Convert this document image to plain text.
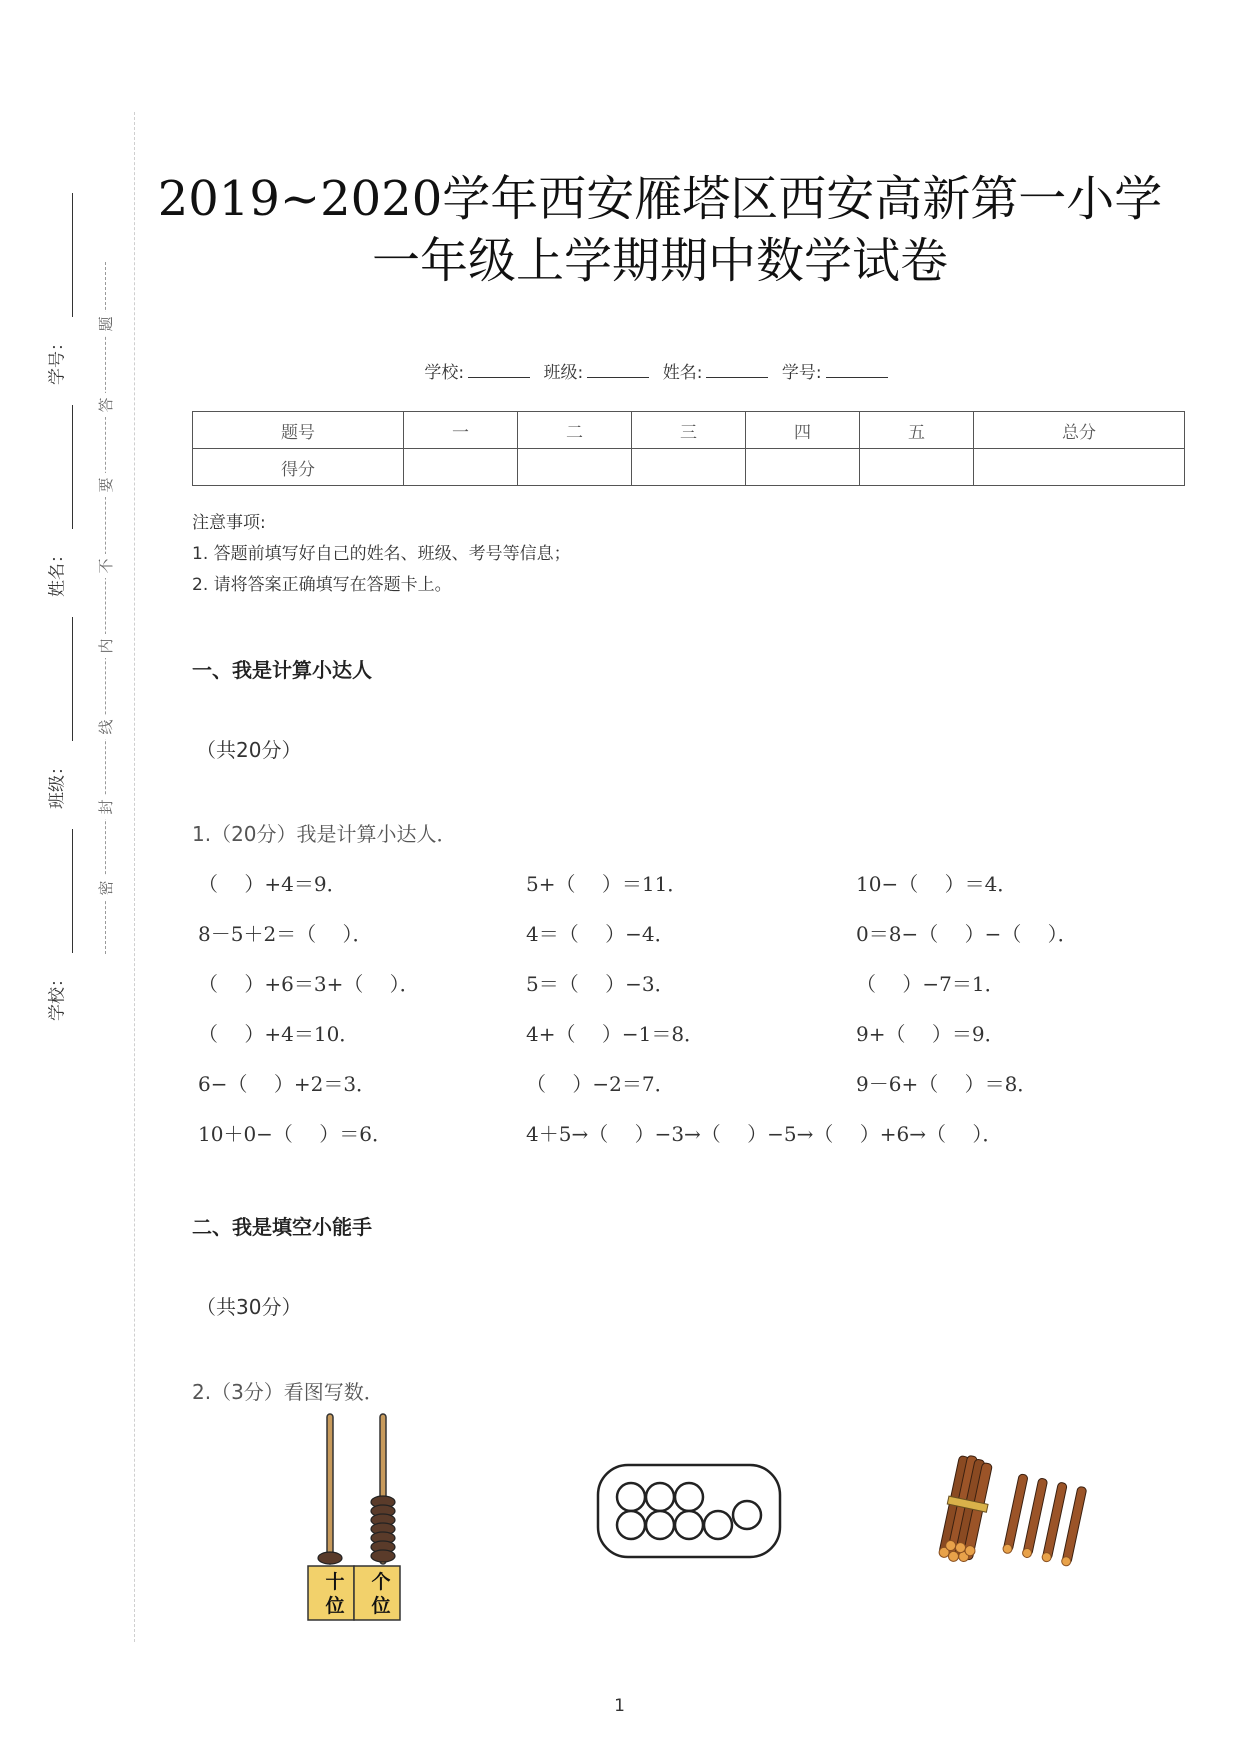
学号：
姓名：
班级：
学校：
题
答
要
不
内
线
封
密
2019~2020学年西安雁塔区西安高新第一小学
一年级上学期期中数学试卷
学校:	班级:	姓名:	学号:
题号	一	二	三	四	五	总分
得分						
注意事项:
1. 答题前填写好自己的姓名、班级、考号等信息；
2. 请将答案正确填写在答题卡上。
一、我是计算小达人
（共20分）
1.（20分）我是计算小达人．
（　 ）+4＝9．	5+（　 ）＝11．	10−（　 ）＝4．
8－5＋2＝（　 ）．	4＝（　 ）−4．	0＝8−（　 ）−（　 ）．
（　 ）+6＝3+（　 ）．	5＝（　 ）−3．	（　 ）−7＝1．
（　 ）+4＝10．	4+（　 ）−1＝8．	9+（　 ）＝9．
6−（　 ）+2＝3．	（　 ）−2＝7．	9－6+（　 ）＝8．
10＋0−（　 ）＝6．	4＋5→（　 ）−3→（　 ）−5→（　 ）+6→（　 ）．
二、我是填空小能手
（共30分）
2.（3分）看图写数．
十位
个位
1
